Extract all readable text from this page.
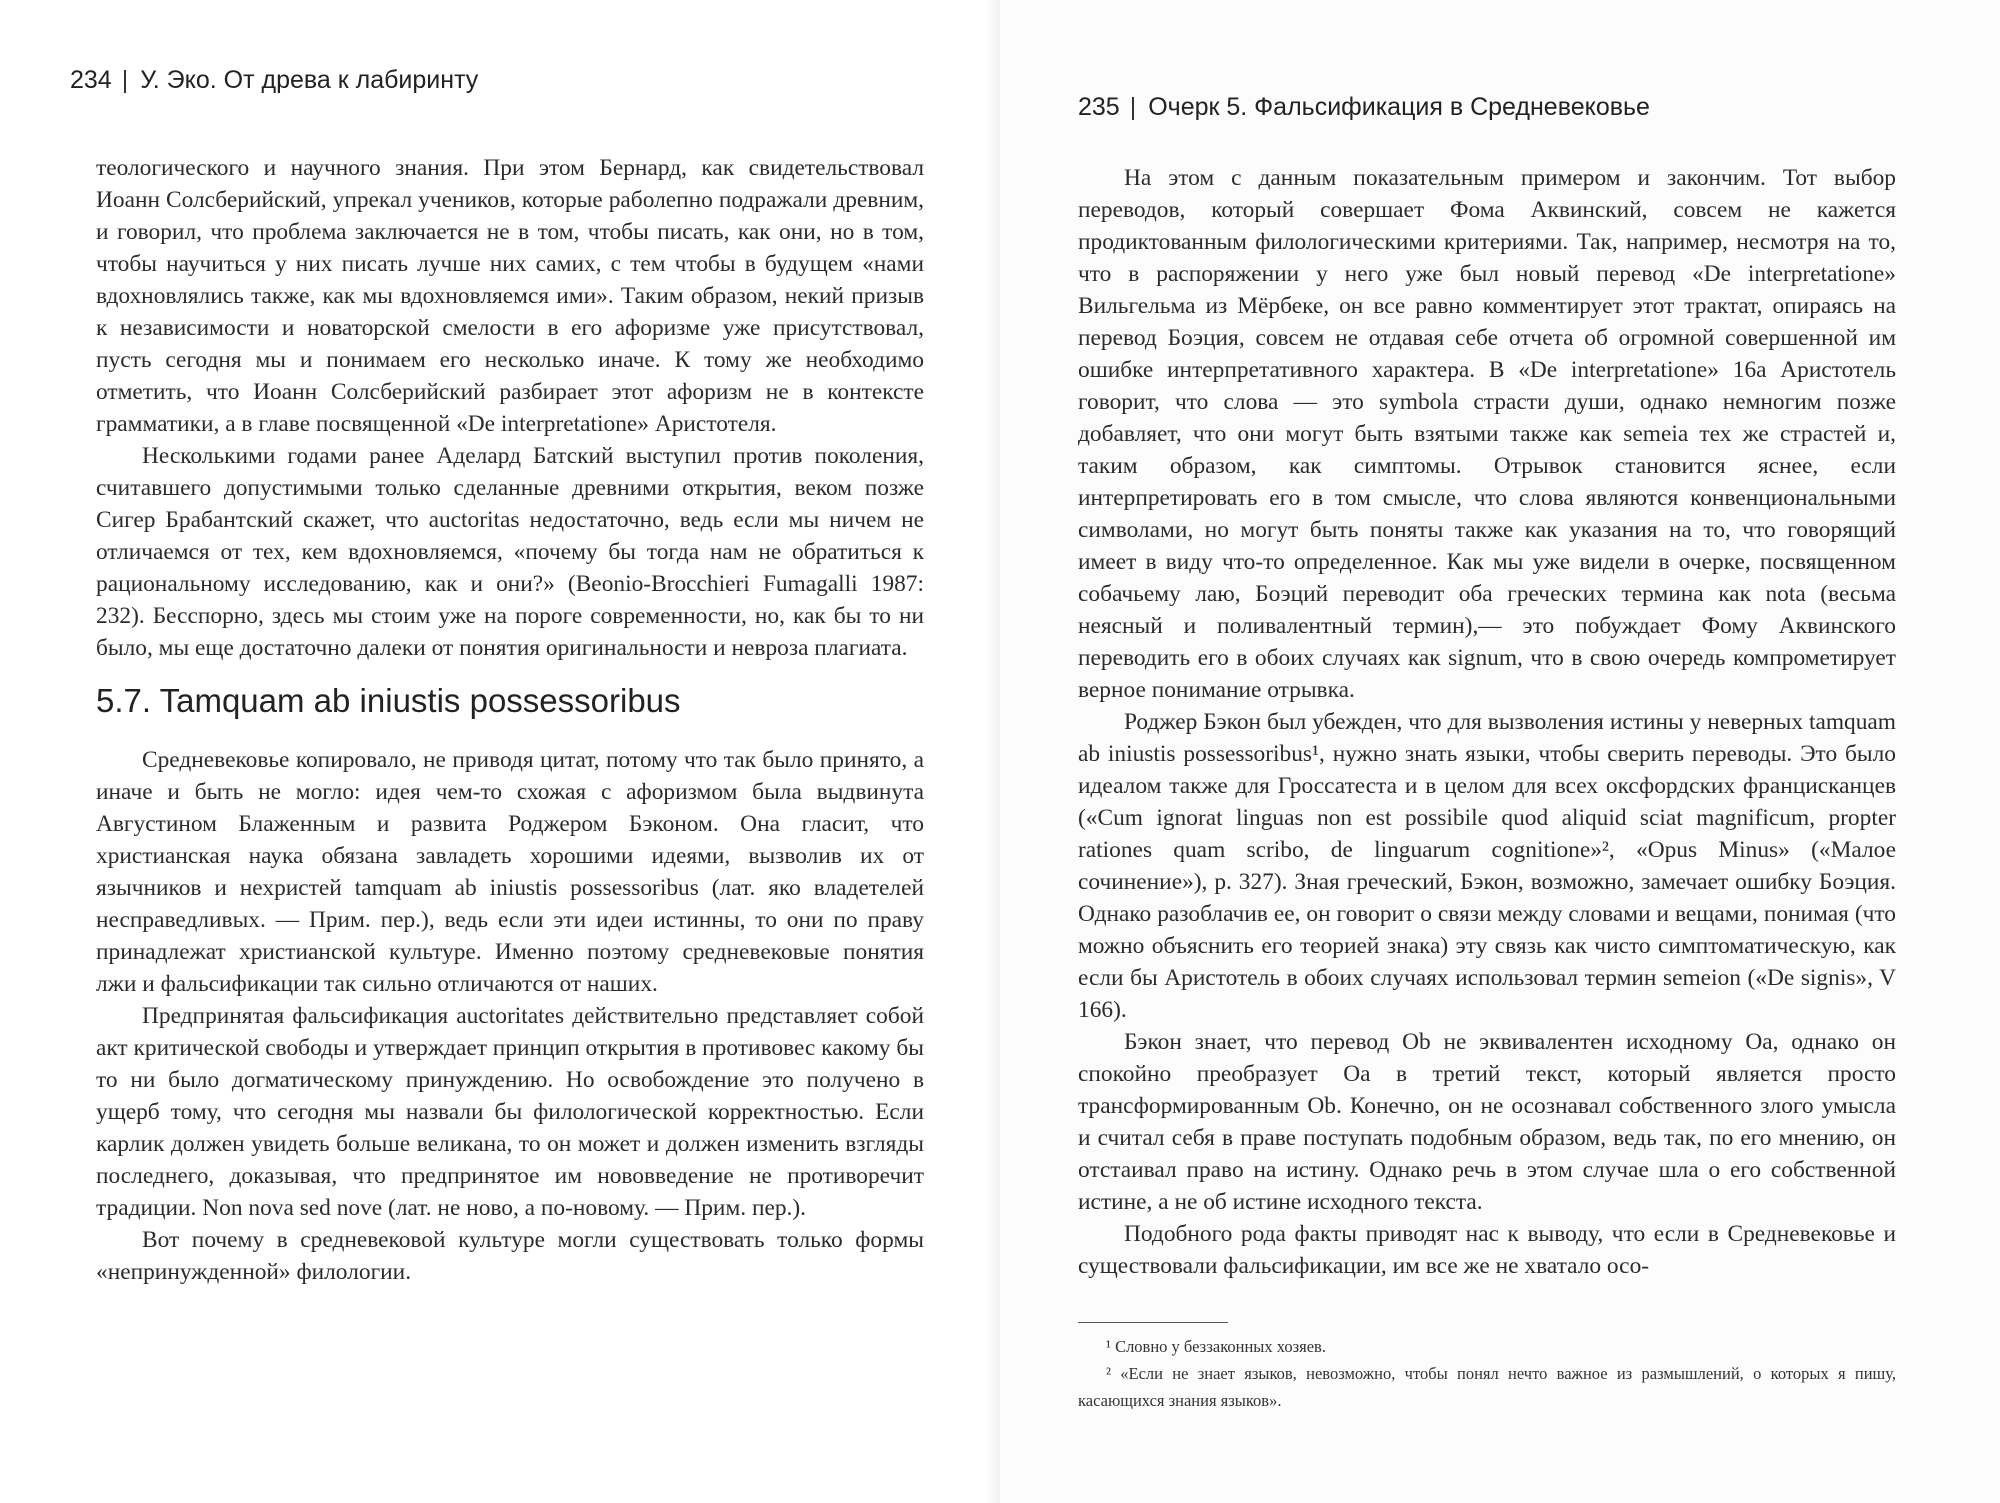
234 | У. Эко. От древа к лабиринту

теологического и научного знания. При этом Бернард, как свидетельствовал Иоанн Солсберийский, упрекал учеников, которые раболепно подражали древним, и говорил, что проблема заключается не в том, чтобы писать, как они, но в том, чтобы научиться у них писать лучше них самих, с тем чтобы в будущем «нами вдохновлялись также, как мы вдохновляемся ими». Таким образом, некий призыв к независимости и новаторской смелости в его афоризме уже присутствовал, пусть сегодня мы и понимаем его несколько иначе. К тому же необходимо отметить, что Иоанн Солсберийский разбирает этот афоризм не в контексте грамматики, а в главе посвященной «De interpretatione» Аристотеля.

Несколькими годами ранее Аделард Батский выступил против поколения, считавшего допустимыми только сделанные древними открытия, веком позже Сигер Брабантский скажет, что auctoritas недостаточно, ведь если мы ничем не отличаемся от тех, кем вдохновляемся, «почему бы тогда нам не обратиться к рациональному исследованию, как и они?» (Beonio-Brocchieri Fumagalli 1987: 232). Бесспорно, здесь мы стоим уже на пороге современности, но, как бы то ни было, мы еще достаточно далеки от понятия оригинальности и невроза плагиата.

5.7. Tamquam ab iniustis possessoribus

Средневековье копировало, не приводя цитат, потому что так было принято, а иначе и быть не могло: идея чем-то схожая с афоризмом была выдвинута Августином Блаженным и развита Роджером Бэконом. Она гласит, что христианская наука обязана завладеть хорошими идеями, вызволив их от язычников и нехристей tamquam ab iniustis possessoribus (лат. яко владетелей несправедливых. — Прим. пер.), ведь если эти идеи истинны, то они по праву принадлежат христианской культуре. Именно поэтому средневековые понятия лжи и фальсификации так сильно отличаются от наших.

Предпринятая фальсификация auctoritates действительно представляет собой акт критической свободы и утверждает принцип открытия в противовес какому бы то ни было догматическому принуждению. Но освобождение это получено в ущерб тому, что сегодня мы назвали бы филологической корректностью. Если карлик должен увидеть больше великана, то он может и должен изменить взгляды последнего, доказывая, что предпринятое им нововведение не противоречит традиции. Non nova sed nove (лат. не ново, а по-новому. — Прим. пер.).

Вот почему в средневековой культуре могли существовать только формы «непринужденной» филологии.

235 | Очерк 5. Фальсификация в Средневековье

На этом с данным показательным примером и закончим. Тот выбор переводов, который совершает Фома Аквинский, совсем не кажется продиктованным филологическими критериями. Так, например, несмотря на то, что в распоряжении у него уже был новый перевод «De interpretatione» Вильгельма из Мёрбеке, он все равно комментирует этот трактат, опираясь на перевод Боэция, совсем не отдавая себе отчета об огромной совершенной им ошибке интерпретативного характера. В «De interpretatione» 16a Аристотель говорит, что слова — это symbola страсти души, однако немногим позже добавляет, что они могут быть взятыми также как semeia тех же страстей и, таким образом, как симптомы. Отрывок становится яснее, если интерпретировать его в том смысле, что слова являются конвенциональными символами, но могут быть поняты также как указания на то, что говорящий имеет в виду что-то определенное. Как мы уже видели в очерке, посвященном собачьему лаю, Боэций переводит оба греческих термина как nota (весьма неясный и поливалентный термин),— это побуждает Фому Аквинского переводить его в обоих случаях как signum, что в свою очередь компрометирует верное понимание отрывка.

Роджер Бэкон был убежден, что для вызволения истины у неверных tamquam ab iniustis possessoribus¹, нужно знать языки, чтобы сверить переводы. Это было идеалом также для Гроссатеста и в целом для всех оксфордских францисканцев («Cum ignorat linguas non est possibile quod aliquid sciat magnificum, propter rationes quam scribo, de linguarum cognitione»², «Opus Minus» («Малое сочинение»), p. 327). Зная греческий, Бэкон, возможно, замечает ошибку Боэция. Однако разоблачив ее, он говорит о связи между словами и вещами, понимая (что можно объяснить его теорией знака) эту связь как чисто симптоматическую, как если бы Аристотель в обоих случаях использовал термин semeion («De signis», V 166).

Бэкон знает, что перевод Ob не эквивалентен исходному Oa, однако он спокойно преобразует Oa в третий текст, который является просто трансформированным Ob. Конечно, он не осознавал собственного злого умысла и считал себя в праве поступать подобным образом, ведь так, по его мнению, он отстаивал право на истину. Однако речь в этом случае шла о его собственной истине, а не об истине исходного текста.

Подобного рода факты приводят нас к выводу, что если в Средневековье и существовали фальсификации, им все же не хватало осо-

¹ Словно у беззаконных хозяев.

² «Если не знает языков, невозможно, чтобы понял нечто важное из размышлений, о которых я пишу, касающихся знания языков».
